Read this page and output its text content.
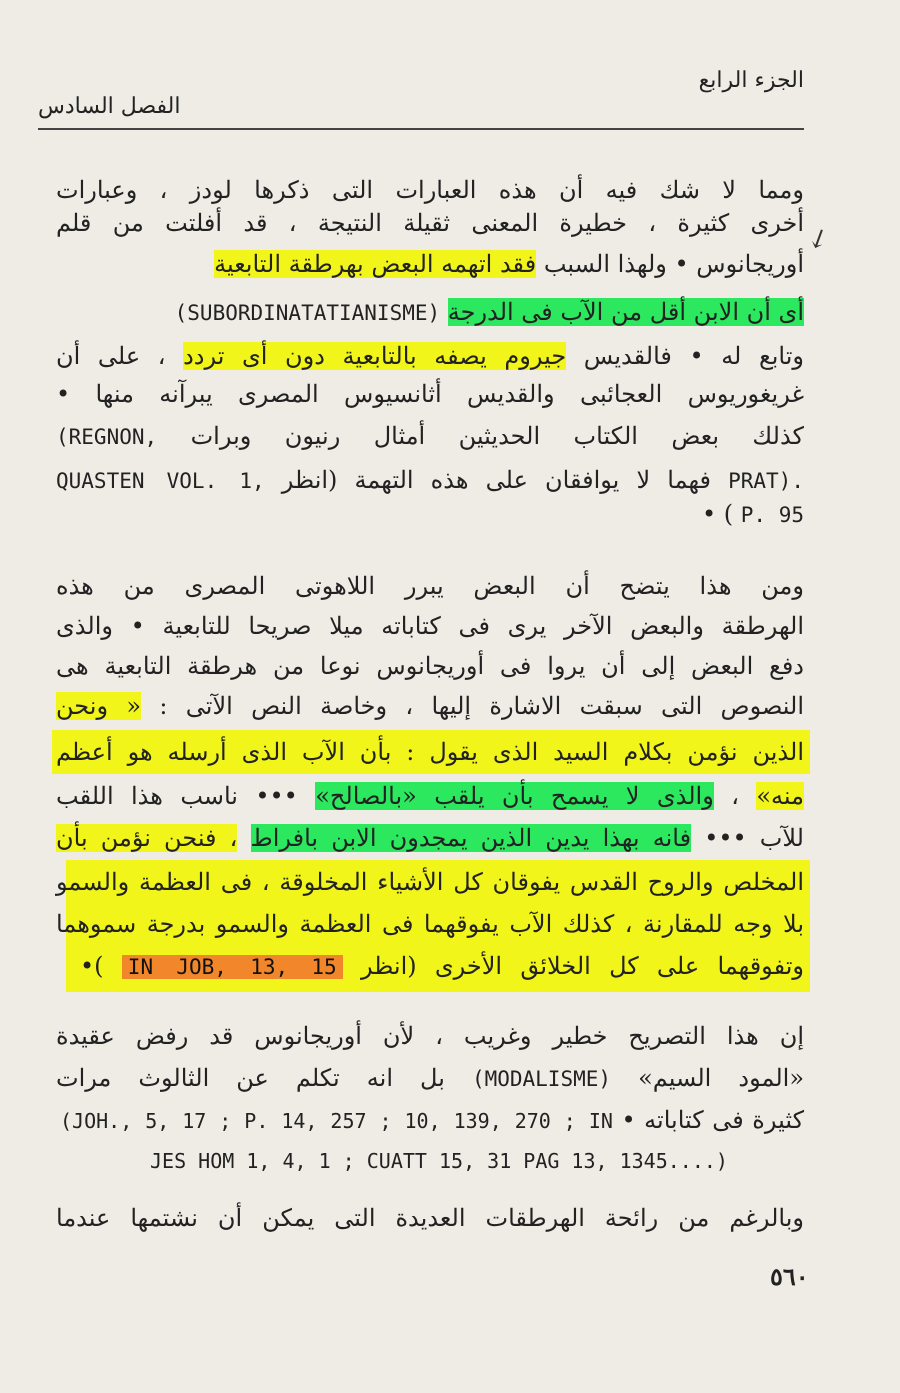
الجزء الرابع
الفصل السادس
↙
ومما لا شك فيه أن هذه العبارات التى ذكرها لودز ، وعبارات
أخرى كثيرة ، خطيرة المعنى ثقيلة النتيجة ، قد أفلتت من قلم
أوريجانوس • ولهذا السبب فقد اتهمه البعض بهرطقة التابعية
أى أن الابن أقل من الآب فى الدرجة (SUBORDINATATIANISME)
وتابع له • فالقديس جيروم يصفه بالتابعية دون أى تردد ، على أن
غريغوريوس العجائبى والقديس أثانسيوس المصرى يبرآنه منها •
كذلك بعض الكتاب الحديثين أمثال رنيون وبرات (REGNON,
PRAT). فهما لا يوافقان على هذه التهمة (انظر QUASTEN VOL. 1,
P. 95 ) •
ومن هذا يتضح أن البعض يبرر اللاهوتى المصرى من هذه
الهرطقة والبعض الآخر يرى فى كتاباته ميلا صريحا للتابعية • والذى
دفع البعض إلى أن يروا فى أوريجانوس نوعا من هرطقة التابعية هى
النصوص التى سبقت الاشارة إليها ، وخاصة النص الآتى : « ونحن
الذين نؤمن بكلام السيد الذى يقول : بأن الآب الذى أرسله هو أعظم
منه» ، والذى لا يسمح بأن يلقب «بالصالح» ••• ناسب هذا اللقب
للآب ••• فانه بهذا يدين الذين يمجدون الابن بافراط ، فنحن نؤمن بأن
المخلص والروح القدس يفوقان كل الأشياء المخلوقة ، فى العظمة والسمو
بلا وجه للمقارنة ، كذلك الآب يفوقهما فى العظمة والسمو بدرجة سموهما
وتفوقهما على كل الخلائق الأخرى (انظر IN JOB, 13, 15 )•
إن هذا التصريح خطير وغريب ، لأن أوريجانوس قد رفض عقيدة
«المود السيم» (MODALISME) بل انه تكلم عن الثالوث مرات
كثيرة فى كتاباته • (JOH., 5, 17 ; P. 14, 257 ; 10, 139, 270 ; IN
JES HOM 1, 4, 1 ; CUATT 15, 31 PAG 13, 1345....)
وبالرغم من رائحة الهرطقات العديدة التى يمكن أن نشتمها عندما
٥٦٠
